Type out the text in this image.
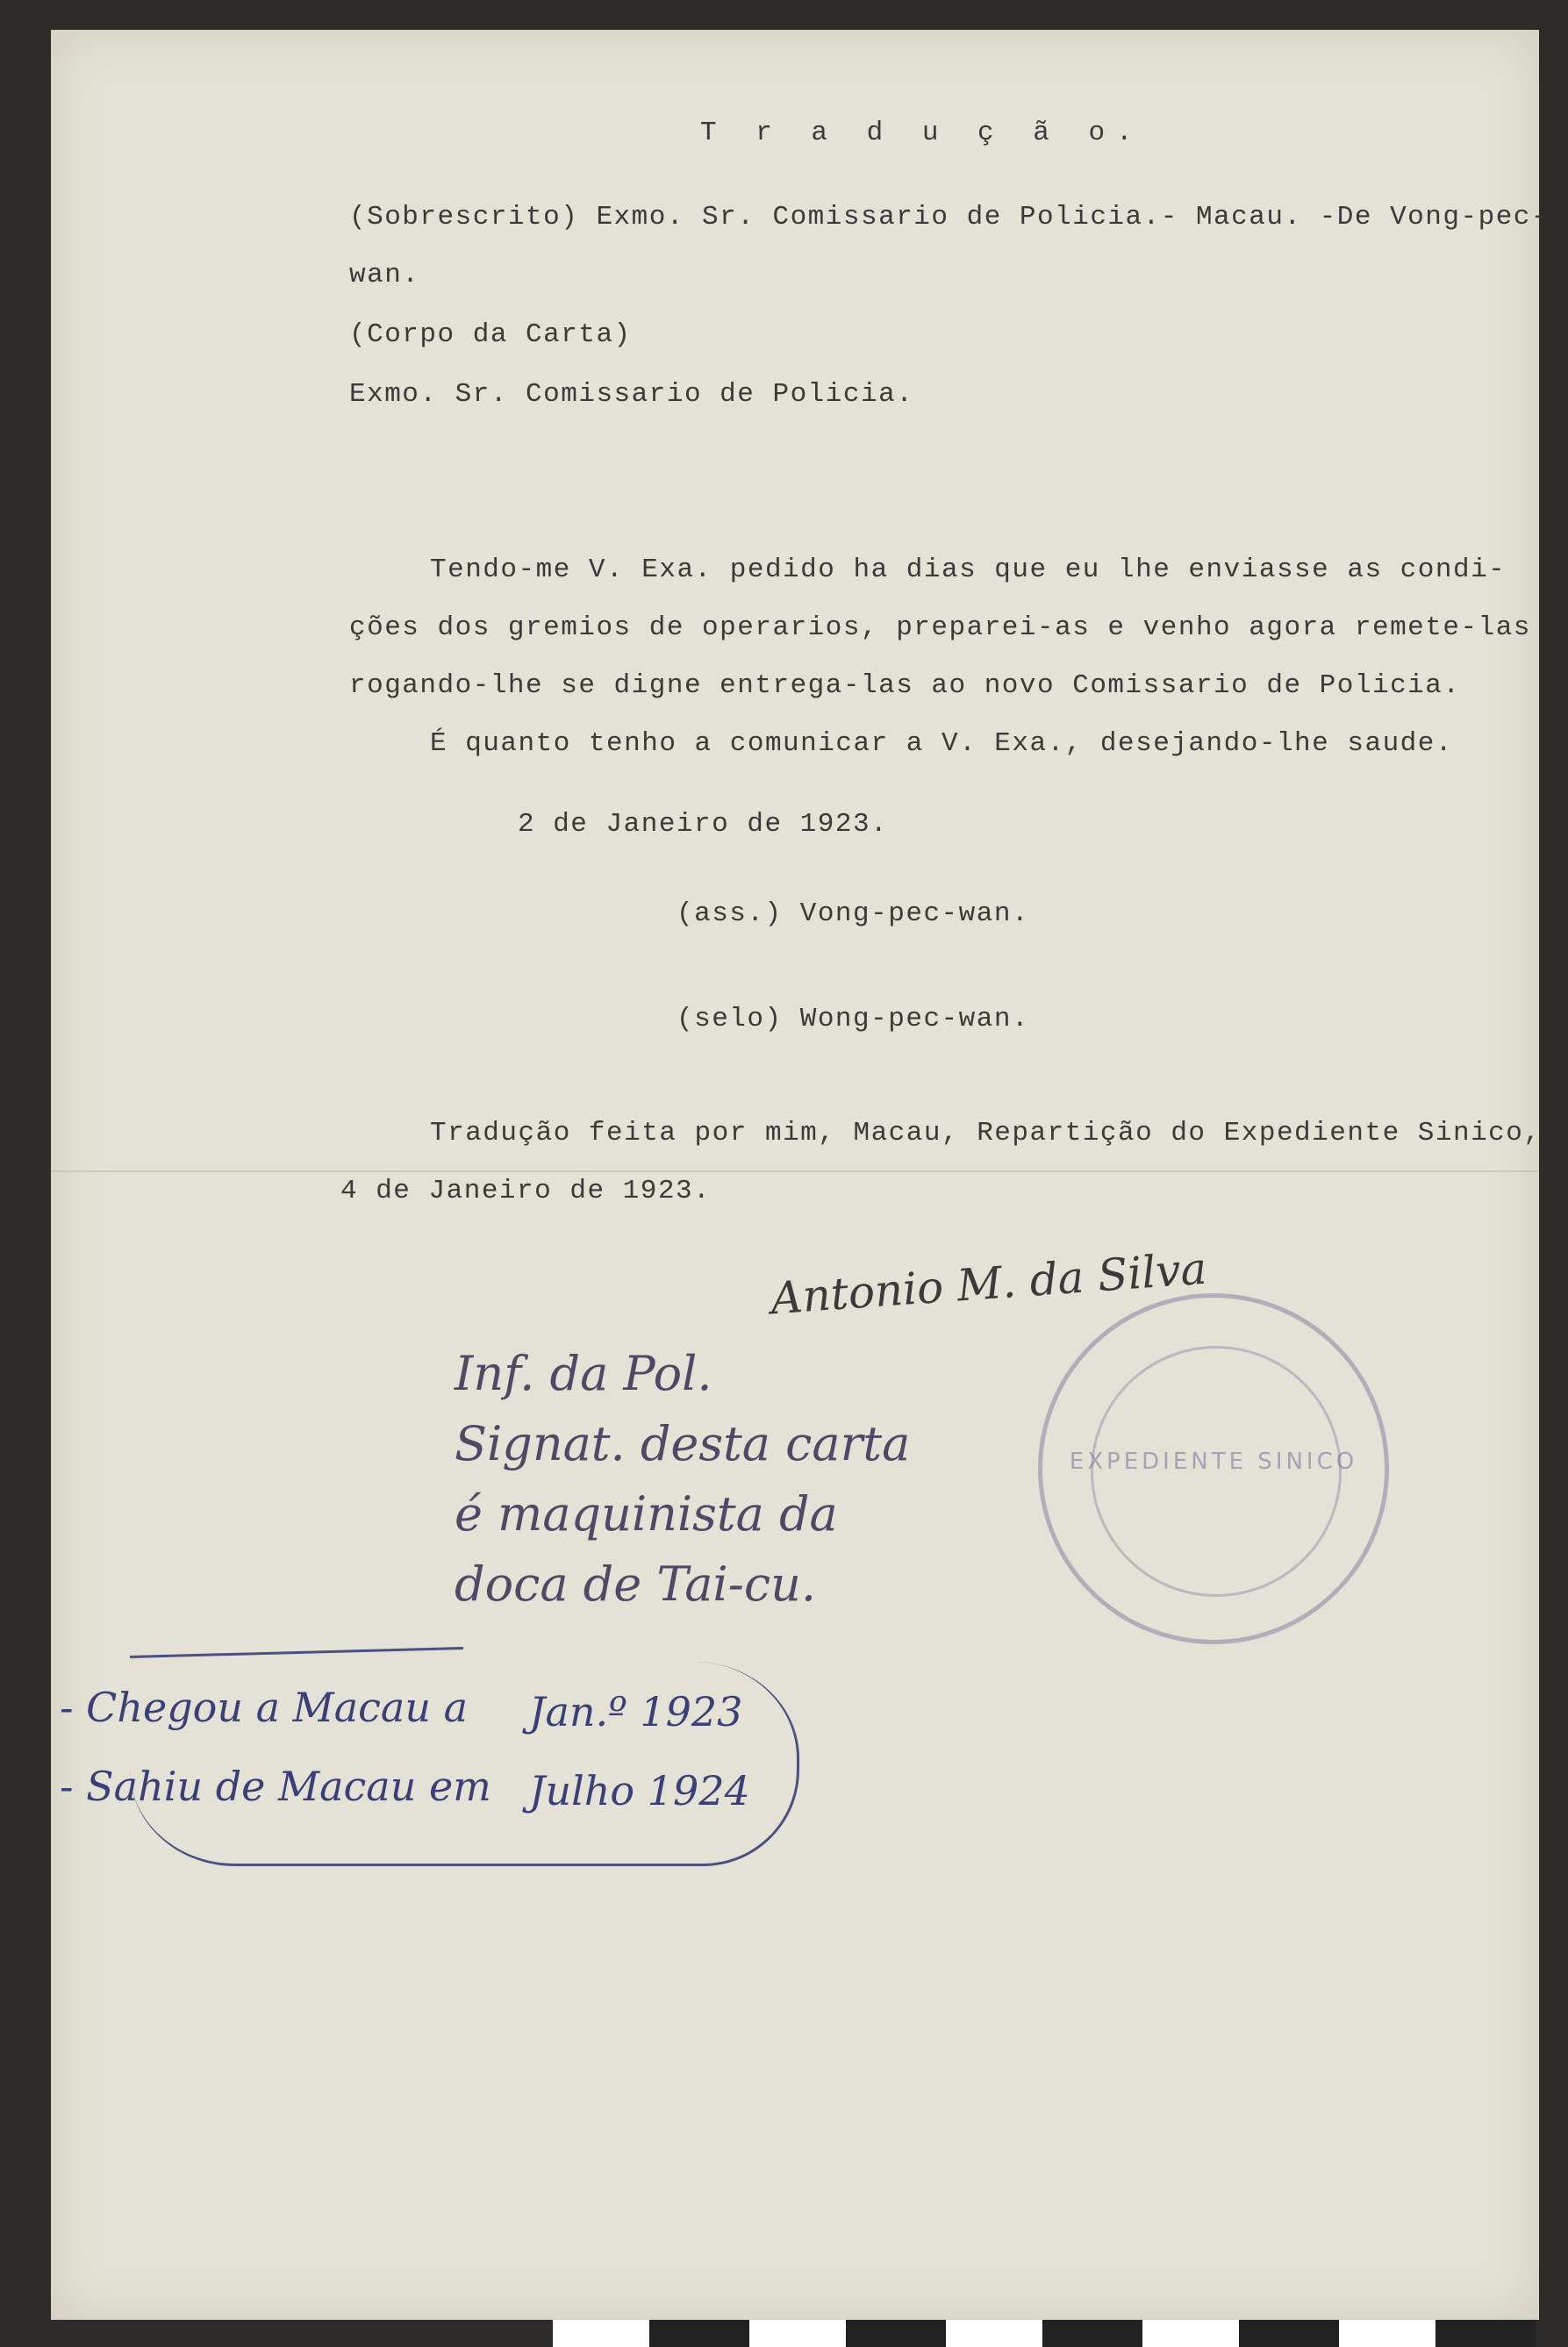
T r a d u ç ã o.
(Sobrescrito) Exmo. Sr. Comissario de Policia.- Macau. -De Vong-pec-
wan.
(Corpo da Carta)
Exmo. Sr. Comissario de Policia.
Tendo-me V. Exa. pedido ha dias que eu lhe enviasse as condi-
ções dos gremios de operarios, preparei-as e venho agora remete-las
rogando-lhe se digne entrega-las ao novo Comissario de Policia.
É quanto tenho a comunicar a V. Exa., desejando-lhe saude.
2 de Janeiro de 1923.
(ass.) Vong-pec-wan.
(selo) Wong-pec-wan.
Tradução feita por mim, Macau, Repartição do Expediente Sinico,
4 de Janeiro de 1923.
EXPEDIENTE SINICO
Antonio M. da Silva
Inf. da Pol.
Signat. desta carta
é maquinista da
doca de Tai-cu.
- Chegou a Macau a Jan.º 1923
- Sahiu de Macau em Julho 1924
